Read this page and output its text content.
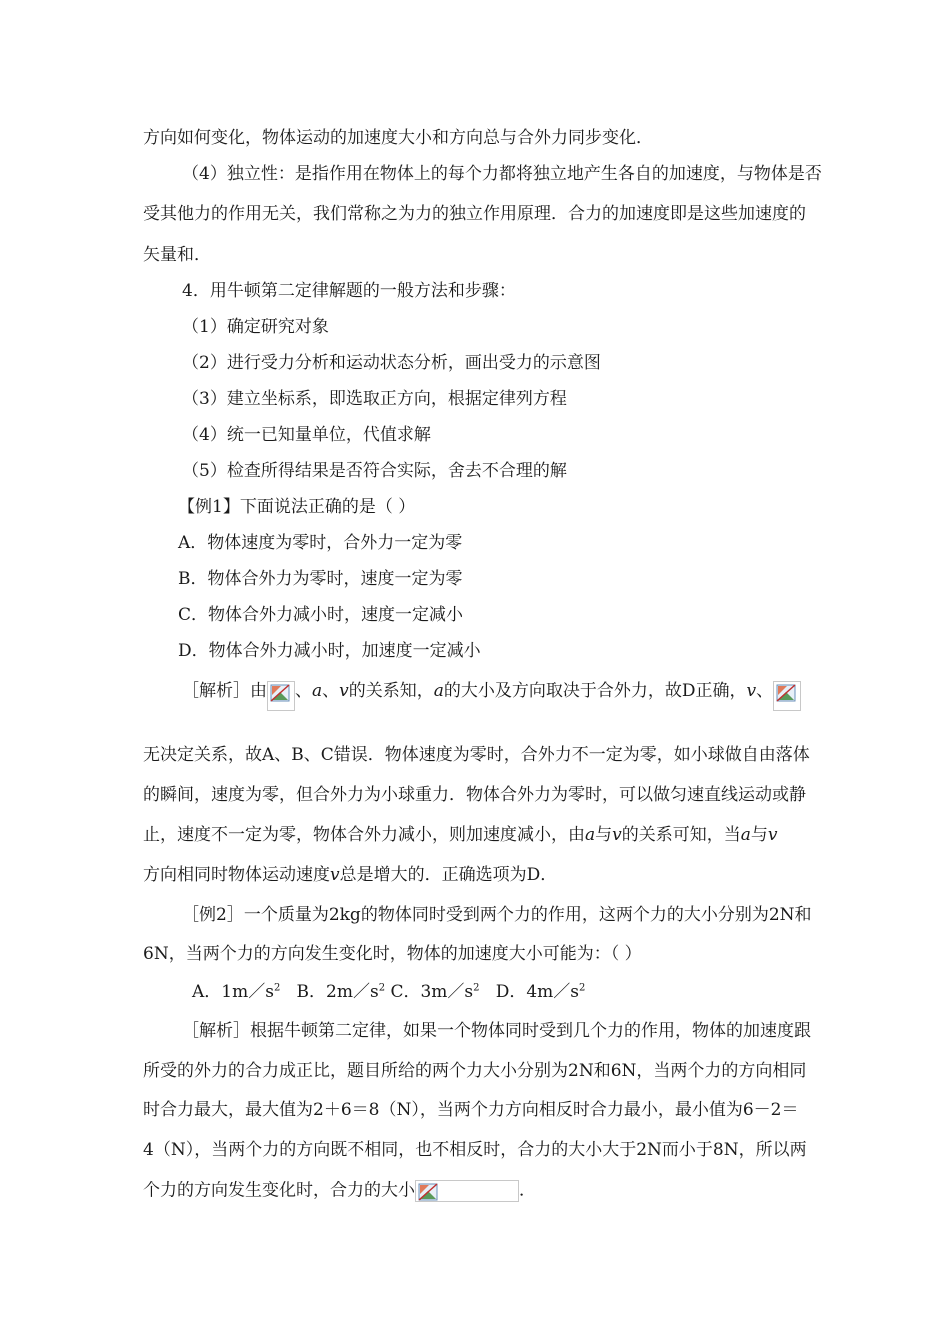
方向如何变化，物体运动的加速度大小和方向总与合外力同步变化．
（4）独立性：是指作用在物体上的每个力都将独立地产生各自的加速度，与物体是否
受其他力的作用无关，我们常称之为力的独立作用原理．合力的加速度即是这些加速度的
矢量和．
4．用牛顿第二定律解题的一般方法和步骤：
（1）确定研究对象
（2）进行受力分析和运动状态分析，画出受力的示意图
（3）建立坐标系，即选取正方向，根据定律列方程
（4）统一已知量单位，代值求解
（5）检查所得结果是否符合实际，舍去不合理的解
【例1】下面说法正确的是（ ）
A．物体速度为零时，合外力一定为零
B．物体合外力为零时，速度一定为零
C．物体合外力减小时，速度一定减小
D．物体合外力减小时，加速度一定减小
［解析］由 、a、v的关系知，a的大小及方向取决于合外力，故D正确，v、
无决定关系，故A、B、C错误．物体速度为零时，合外力不一定为零，如小球做自由落体
的瞬间，速度为零，但合外力为小球重力．物体合外力为零时，可以做匀速直线运动或静
止，速度不一定为零，物体合外力减小，则加速度减小，由a与v的关系可知，当a与v
方向相同时物体运动速度v总是增大的．正确选项为D．
［例2］一个质量为2kg的物体同时受到两个力的作用，这两个力的大小分别为2N和
6N，当两个力的方向发生变化时，物体的加速度大小可能为：（ ）
A．$1m/s^2$ B．$2m/s^2$ C．$3m/s^2$ D．$4m/s^2$
［解析］根据牛顿第二定律，如果一个物体同时受到几个力的作用，物体的加速度跟
所受的外力的合力成正比，题目所给的两个力大小分别为2N和6N，当两个力的方向相同
时合力最大，最大值为2＋6＝8（N），当两个力方向相反时合力最小，最小值为6－2＝
4（N），当两个力的方向既不相同，也不相反时，合力的大小大于2N而小于8N，所以两
个力的方向发生变化时，合力的大小	．
